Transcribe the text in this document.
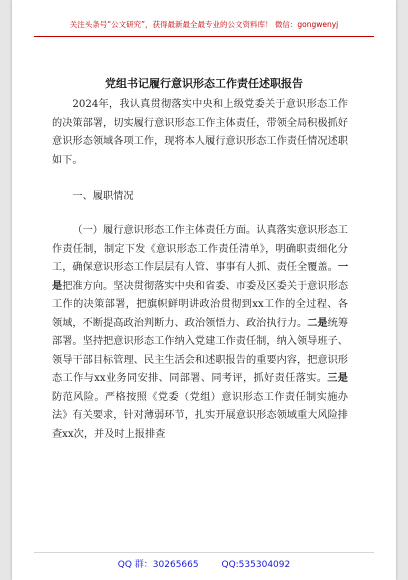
关注头条号“公文研究”，获得最新最全最专业的公文资料库！ 微信：gongwenyj
党组书记履行意识形态工作责任述职报告

2024年，我认真贯彻落实中央和上级党委关于意识形态工作的决策部署，切实履行意识形态工作主体责任，带领全局积极抓好意识形态领域各项工作，现将本人履行意识形态工作责任情况述职如下。

一、履职情况

（一）履行意识形态工作主体责任方面。认真落实意识形态工作责任制，制定下发《意识形态工作责任清单》，明确职责细化分工，确保意识形态工作层层有人管、事事有人抓、责任全覆盖。一是把准方向。坚决贯彻落实中央和省委、市委及区委关于意识形态工作的决策部署，把旗帜鲜明讲政治贯彻到xx工作的全过程、各领域，不断提高政治判断力、政治领悟力、政治执行力。二是统筹部署。坚持把意识形态工作纳入党建工作责任制，纳入领导班子、领导干部目标管理、民主生活会和述职报告的重要内容，把意识形态工作与xx业务同安排、同部署、同考评，抓好责任落实。三是防范风险。严格按照《党委（党组）意识形态工作责任制实施办法》有关要求，针对薄弱环节，扎实开展意识形态领域重大风险排查xx次，并及时上报排查

QQ 群：30265665	QQ:535304092
